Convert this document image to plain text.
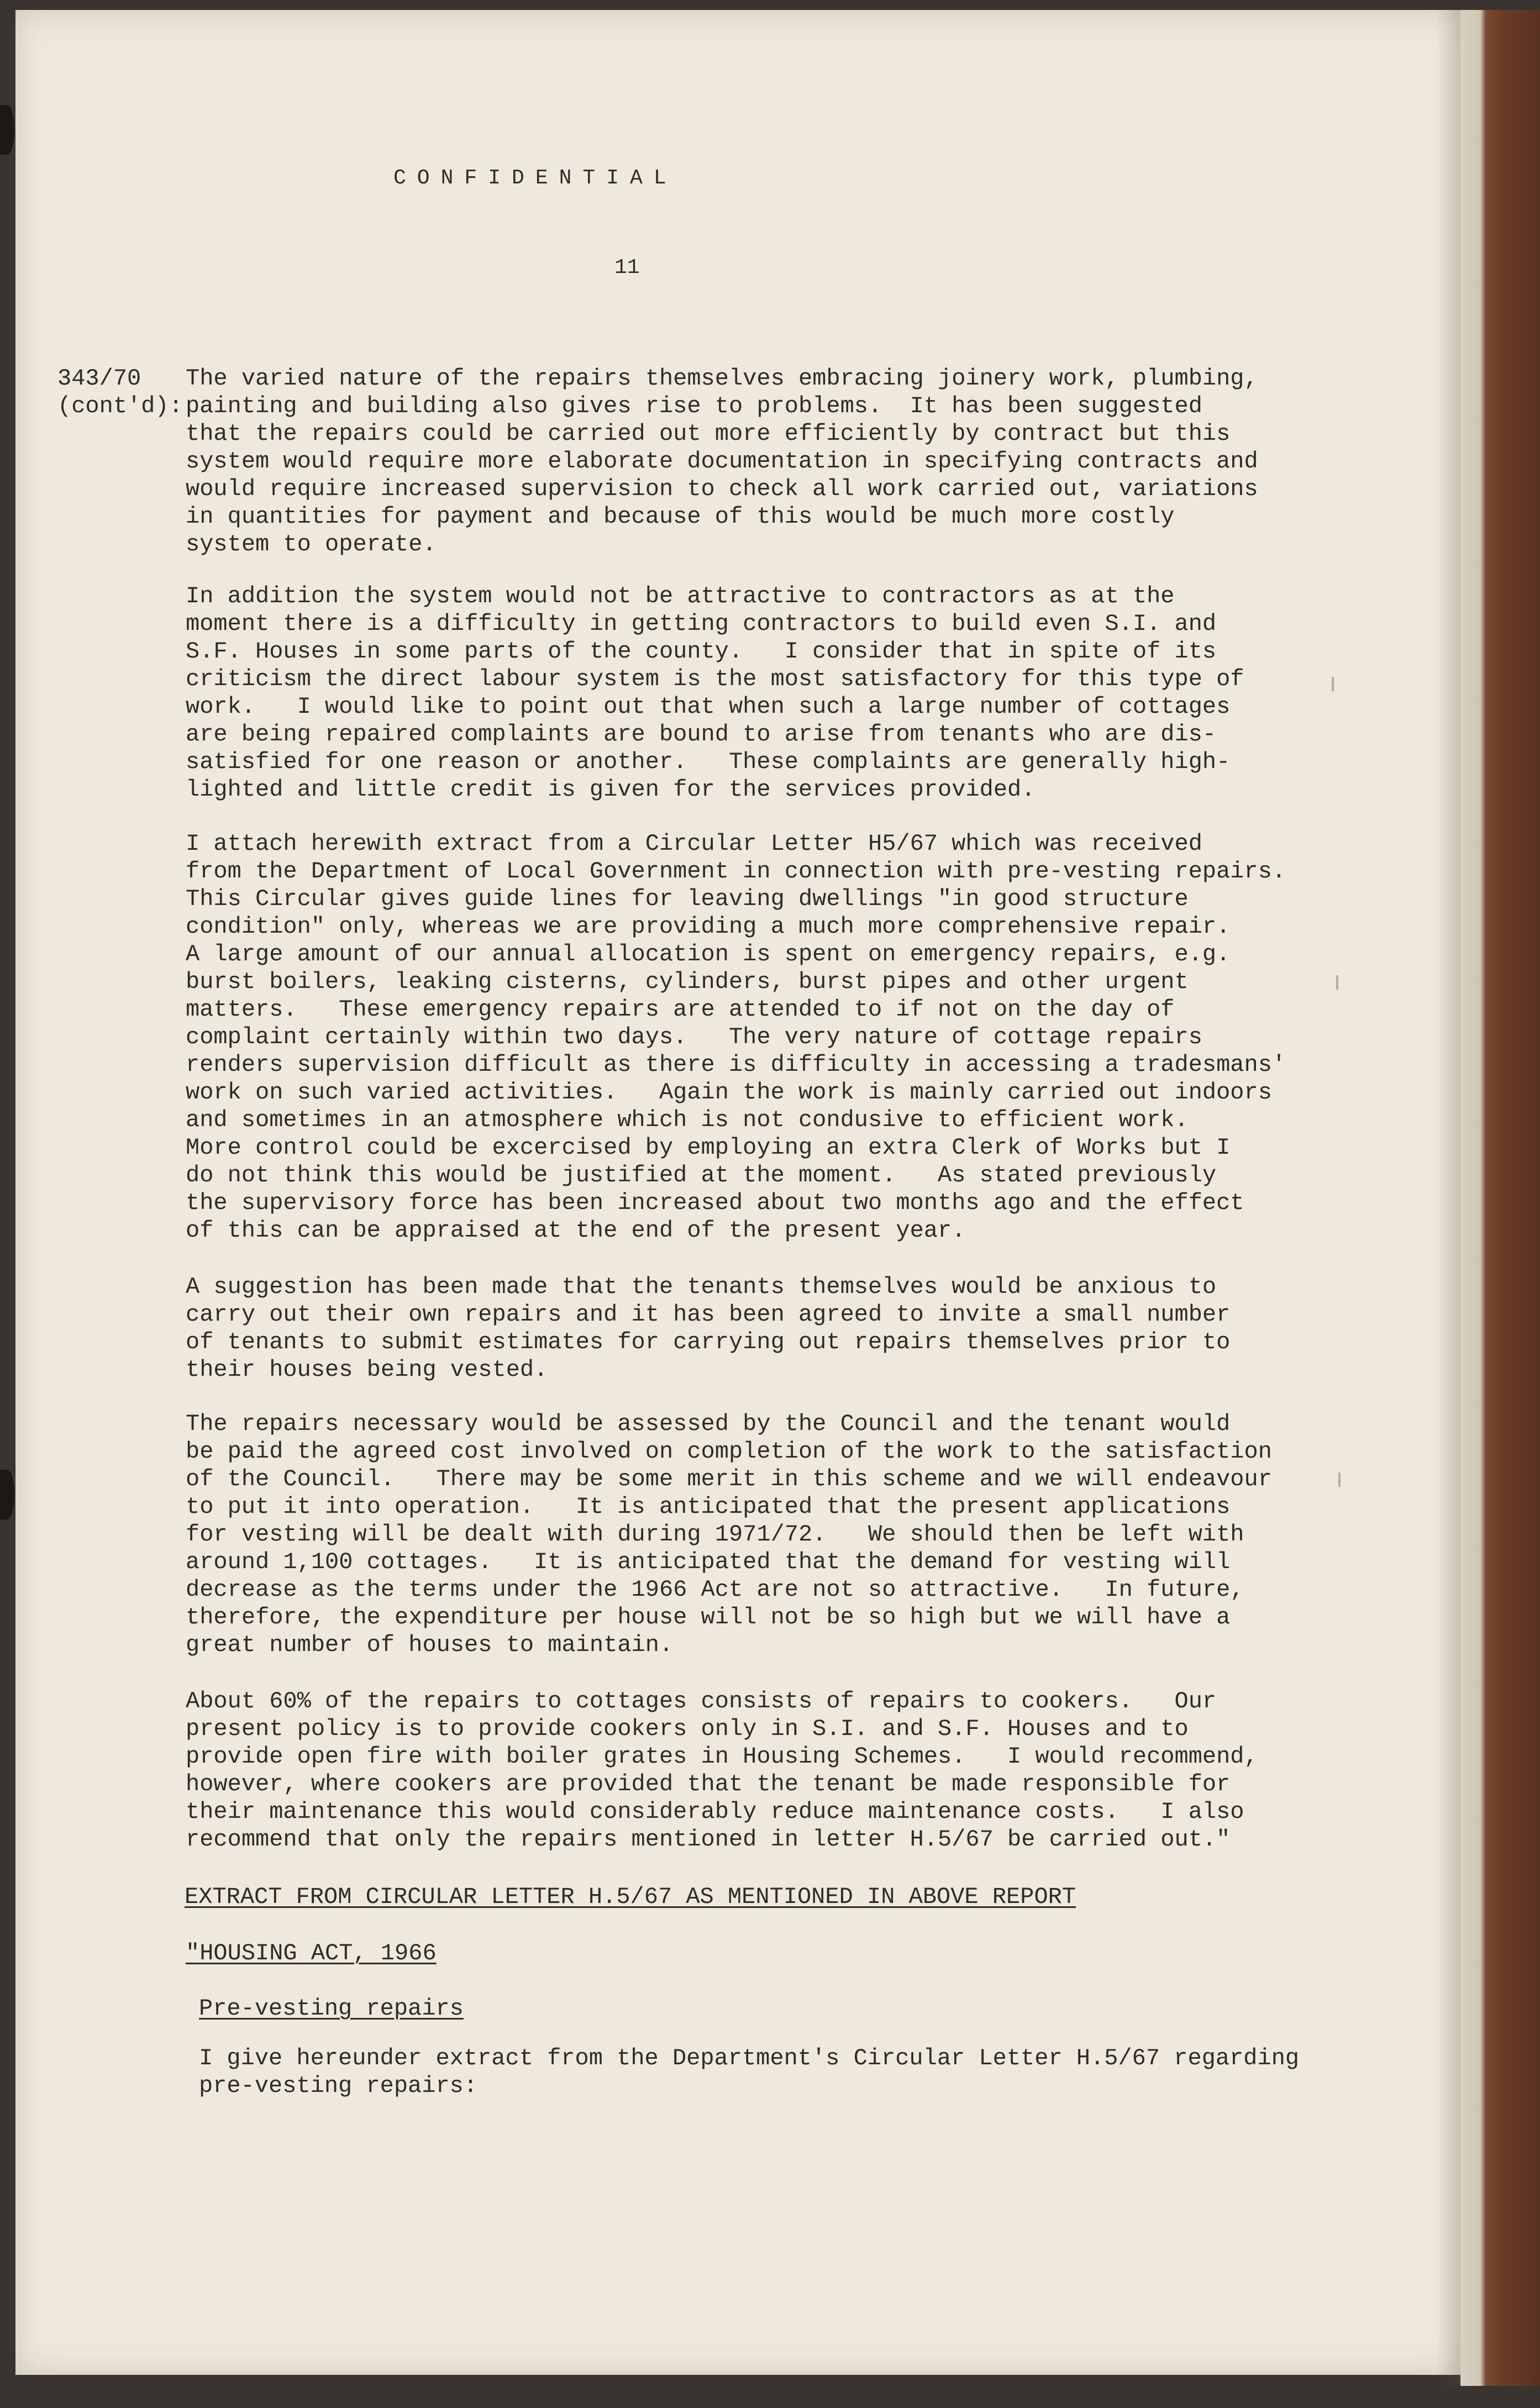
CONFIDENTIAL
11
343/70
(cont'd):
The varied nature of the repairs themselves embracing joinery work, plumbing,
painting and building also gives rise to problems.  It has been suggested
that the repairs could be carried out more efficiently by contract but this
system would require more elaborate documentation in specifying contracts and
would require increased supervision to check all work carried out, variations
in quantities for payment and because of this would be much more costly
system to operate.
In addition the system would not be attractive to contractors as at the
moment there is a difficulty in getting contractors to build even S.I. and
S.F. Houses in some parts of the county.   I consider that in spite of its
criticism the direct labour system is the most satisfactory for this type of
work.   I would like to point out that when such a large number of cottages
are being repaired complaints are bound to arise from tenants who are dis-
satisfied for one reason or another.   These complaints are generally high-
lighted and little credit is given for the services provided.
I attach herewith extract from a Circular Letter H5/67 which was received
from the Department of Local Government in connection with pre-vesting repairs.
This Circular gives guide lines for leaving dwellings "in good structure
condition" only, whereas we are providing a much more comprehensive repair.
A large amount of our annual allocation is spent on emergency repairs, e.g.
burst boilers, leaking cisterns, cylinders, burst pipes and other urgent
matters.   These emergency repairs are attended to if not on the day of
complaint certainly within two days.   The very nature of cottage repairs
renders supervision difficult as there is difficulty in accessing a tradesmans'
work on such varied activities.   Again the work is mainly carried out indoors
and sometimes in an atmosphere which is not condusive to efficient work.
More control could be excercised by employing an extra Clerk of Works but I
do not think this would be justified at the moment.   As stated previously
the supervisory force has been increased about two months ago and the effect
of this can be appraised at the end of the present year.
A suggestion has been made that the tenants themselves would be anxious to
carry out their own repairs and it has been agreed to invite a small number
of tenants to submit estimates for carrying out repairs themselves prior to
their houses being vested.
The repairs necessary would be assessed by the Council and the tenant would
be paid the agreed cost involved on completion of the work to the satisfaction
of the Council.   There may be some merit in this scheme and we will endeavour
to put it into operation.   It is anticipated that the present applications
for vesting will be dealt with during 1971/72.   We should then be left with
around 1,100 cottages.   It is anticipated that the demand for vesting will
decrease as the terms under the 1966 Act are not so attractive.   In future,
therefore, the expenditure per house will not be so high but we will have a
great number of houses to maintain.
About 60% of the repairs to cottages consists of repairs to cookers.   Our
present policy is to provide cookers only in S.I. and S.F. Houses and to
provide open fire with boiler grates in Housing Schemes.   I would recommend,
however, where cookers are provided that the tenant be made responsible for
their maintenance this would considerably reduce maintenance costs.   I also
recommend that only the repairs mentioned in letter H.5/67 be carried out."
EXTRACT FROM CIRCULAR LETTER H.5/67 AS MENTIONED IN ABOVE REPORT
"HOUSING ACT, 1966
Pre-vesting repairs
I give hereunder extract from the Department's Circular Letter H.5/67 regarding
pre-vesting repairs:
